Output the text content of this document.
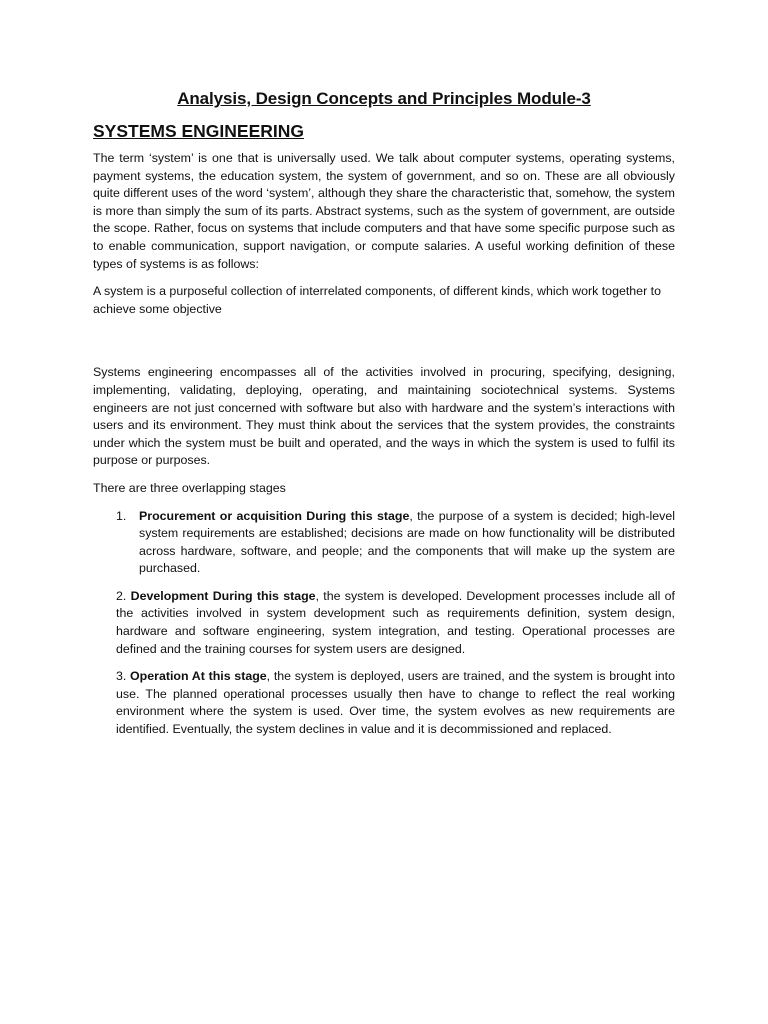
Analysis, Design Concepts and Principles Module-3
SYSTEMS ENGINEERING

The term ‘system’ is one that is universally used. We talk about computer systems, operating systems, payment systems, the education system, the system of government, and so on. These are all obviously quite different uses of the word ‘system’, although they share the characteristic that, somehow, the system is more than simply the sum of its parts. Abstract systems, such as the system of government, are outside the scope. Rather, focus on systems that include computers and that have some specific purpose such as to enable communication, support navigation, or compute salaries. A useful working definition of these types of systems is as follows:

A system is a purposeful collection of interrelated components, of different kinds, which work together to achieve some objective

Systems engineering encompasses all of the activities involved in procuring, specifying, designing, implementing, validating, deploying, operating, and maintaining sociotechnical systems. Systems engineers are not just concerned with software but also with hardware and the system’s interactions with users and its environment. They must think about the services that the system provides, the constraints under which the system must be built and operated, and the ways in which the system is used to fulfil its purpose or purposes.

There are three overlapping stages

1.	Procurement or acquisition During this stage, the purpose of a system is decided; high-level system requirements are established; decisions are made on how functionality will be distributed across hardware, software, and people; and the components that will make up the system are purchased.

2. Development During this stage, the system is developed. Development processes include all of the activities involved in system development such as requirements definition, system design, hardware and software engineering, system integration, and testing. Operational processes are defined and the training courses for system users are designed.

3. Operation At this stage, the system is deployed, users are trained, and the system is brought into use. The planned operational processes usually then have to change to reflect the real working environment where the system is used. Over time, the system evolves as new requirements are identified. Eventually, the system declines in value and it is decommissioned and replaced.
